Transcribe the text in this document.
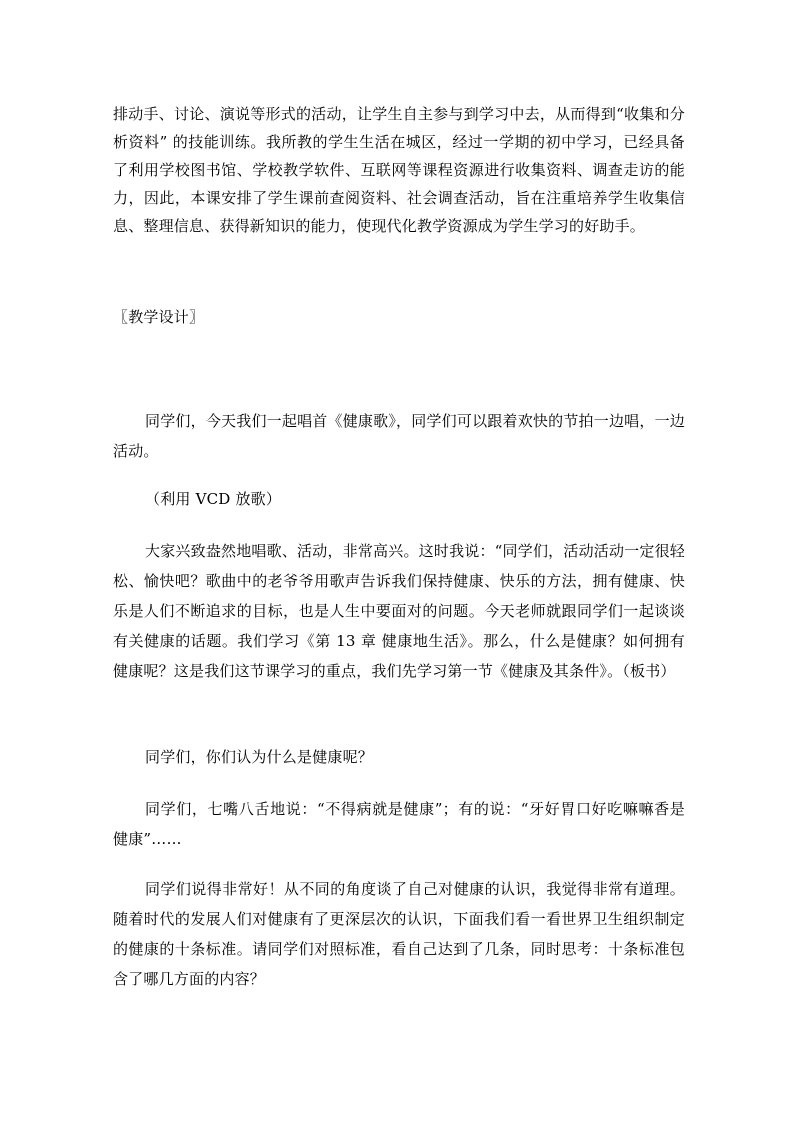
排动手、讨论、演说等形式的活动，让学生自主参与到学习中去，从而得到“收集和分析资料” 的技能训练。我所教的学生生活在城区，经过一学期的初中学习，已经具备了利用学校图书馆、学校教学软件、互联网等课程资源进行收集资料、调查走访的能力，因此，本课安排了学生课前查阅资料、社会调查活动，旨在注重培养学生收集信息、整理信息、获得新知识的能力，使现代化教学资源成为学生学习的好助手。

〖教学设计〗

同学们，今天我们一起唱首《健康歌》，同学们可以跟着欢快的节拍一边唱，一边活动。

（利用 VCD 放歌）

大家兴致盎然地唱歌、活动，非常高兴。这时我说：“同学们，活动活动一定很轻松、愉快吧？歌曲中的老爷爷用歌声告诉我们保持健康、快乐的方法，拥有健康、快乐是人们不断追求的目标，也是人生中要面对的问题。今天老师就跟同学们一起谈谈有关健康的话题。我们学习《第 13 章 健康地生活》。那么，什么是健康？如何拥有健康呢？这是我们这节课学习的重点，我们先学习第一节《健康及其条件》。（板书）

同学们，你们认为什么是健康呢？

同学们，七嘴八舌地说：“不得病就是健康”；有的说：“牙好胃口好吃嘛嘛香是健康”……

同学们说得非常好！从不同的角度谈了自己对健康的认识，我觉得非常有道理。随着时代的发展人们对健康有了更深层次的认识，下面我们看一看世界卫生组织制定的健康的十条标准。请同学们对照标准，看自己达到了几条，同时思考：十条标准包含了哪几方面的内容？
